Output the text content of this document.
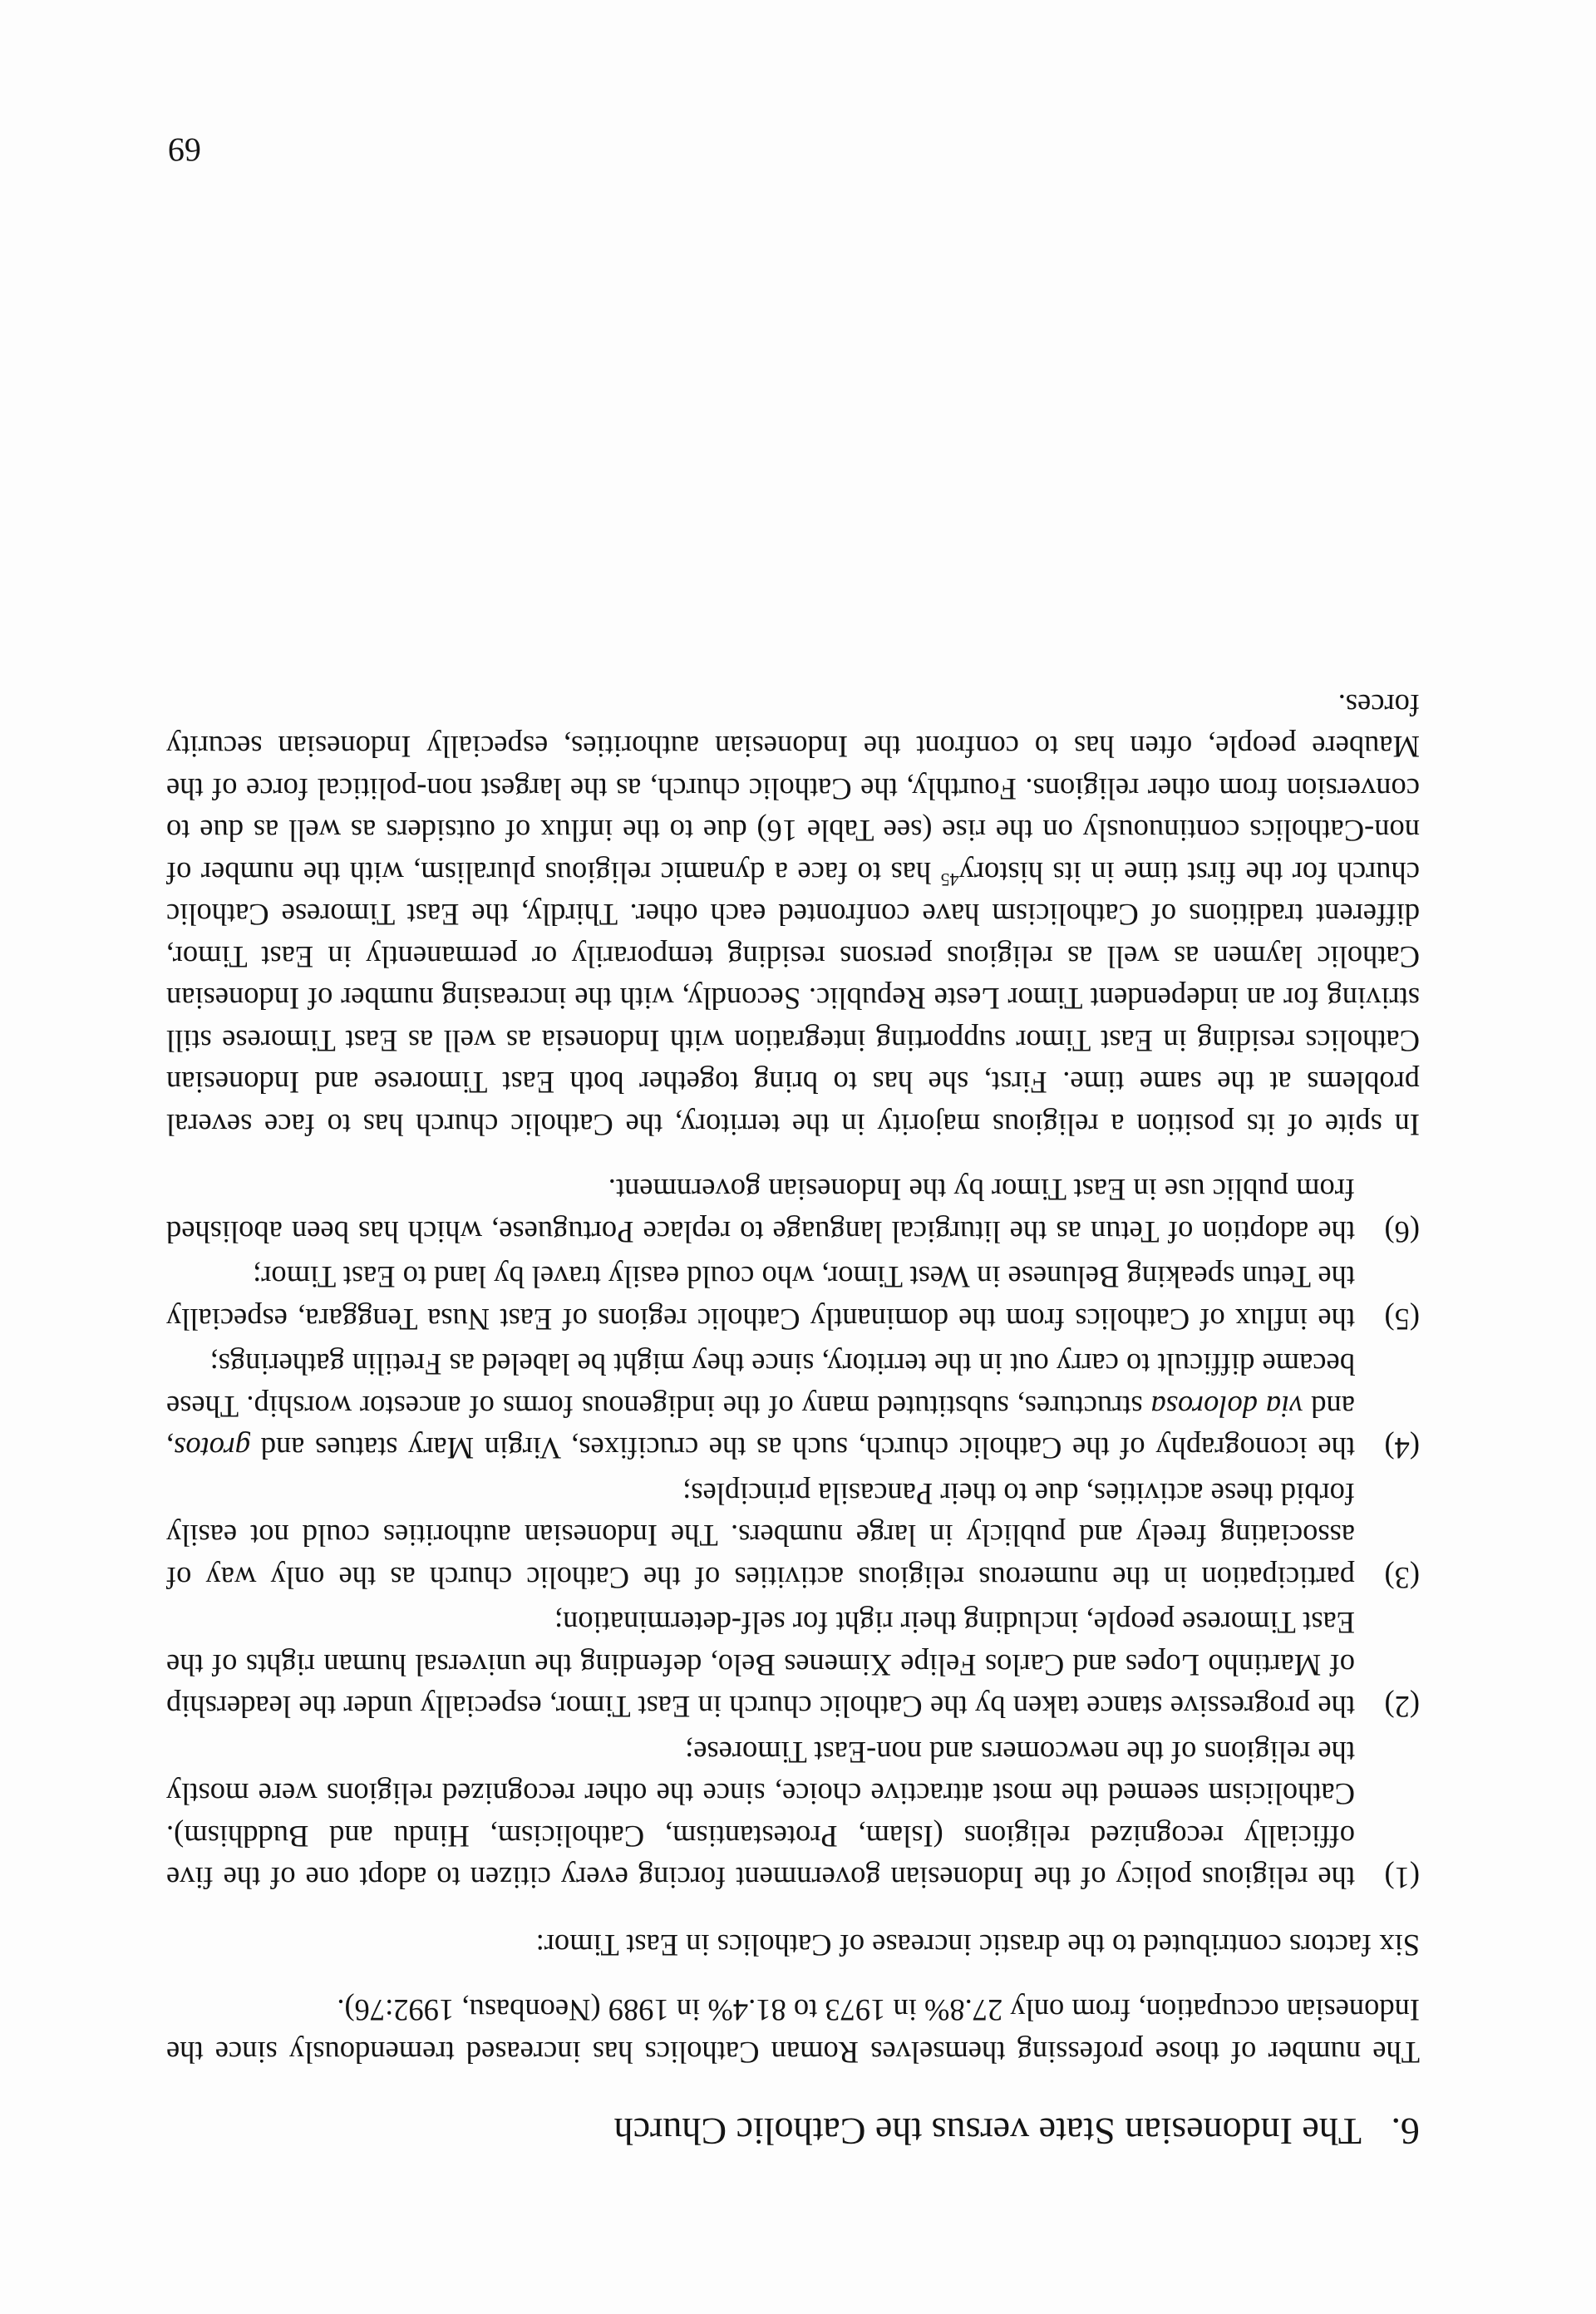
6.
The Indonesian State versus the Catholic Church

The number of those professing themselves Roman Catholics has increased tremendously since the Indonesian occupation, from only 27.8% in 1973 to 81.4% in 1989 (Neonbasu, 1992:76).

Six factors contributed to the drastic increase of Catholics in East Timor:

(1)
the religious policy of the Indonesian government forcing every citizen to adopt one of the five officially recognized religions (Islam, Protestantism, Catholicism, Hindu and Buddhism). Catholicism seemed the most attractive choice, since the other recognized religions were mostly the religions of the newcomers and non-East Timorese;
(2)
the progressive stance taken by the Catholic church in East Timor, especially under the leadership of Martinho Lopes and Carlos Felipe Ximenes Belo, defending the universal human rights of the East Timorese people, including their right for self-determination;
(3)
participation in the numerous religious activities of the Catholic church as the only way of associating freely and publicly in large numbers. The Indonesian authorities could not easily forbid these activities, due to their Pancasila principles;
(4)
the iconography of the Catholic church, such as the crucifixes, Virgin Mary statues and grotos, and via dolorosa structures, substituted many of the indigenous forms of ancestor worship. These became difficult to carry out in the territory, since they might be labeled as Fretilin gatherings;
(5)
the influx of Catholics from the dominantly Catholic regions of East Nusa Tenggara, especially the Tetun speaking Belunese in West Timor, who could easily travel by land to East Timor;
(6)
the adoption of Tetun as the liturgical language to replace Portuguese, which has been abolished from public use in East Timor by the Indonesian government.

In spite of its position a religious majority in the territory, the Catholic church has to face several problems at the same time. First, she has to bring together both East Timorese and Indonesian Catholics residing in East Timor supporting integration with Indonesia as well as East Timorese still striving for an independent Timor Leste Republic. Secondly, with the increasing number of Indonesian Catholic laymen as well as religious persons residing temporarily or permanently in East Timor, different traditions of Catholicism have confronted each other. Thirdly, the East Timorese Catholic church for the first time in its history$^{45}$ has to face a dynamic religious pluralism, with the number of non-Catholics continuously on the rise (see Table 16) due to the influx of outsiders as well as due to conversion from other religions. Fourthly, the Catholic church, as the largest non-political force of the Maubere people, often has to confront the Indonesian authorities, especially Indonesian security forces.

69
